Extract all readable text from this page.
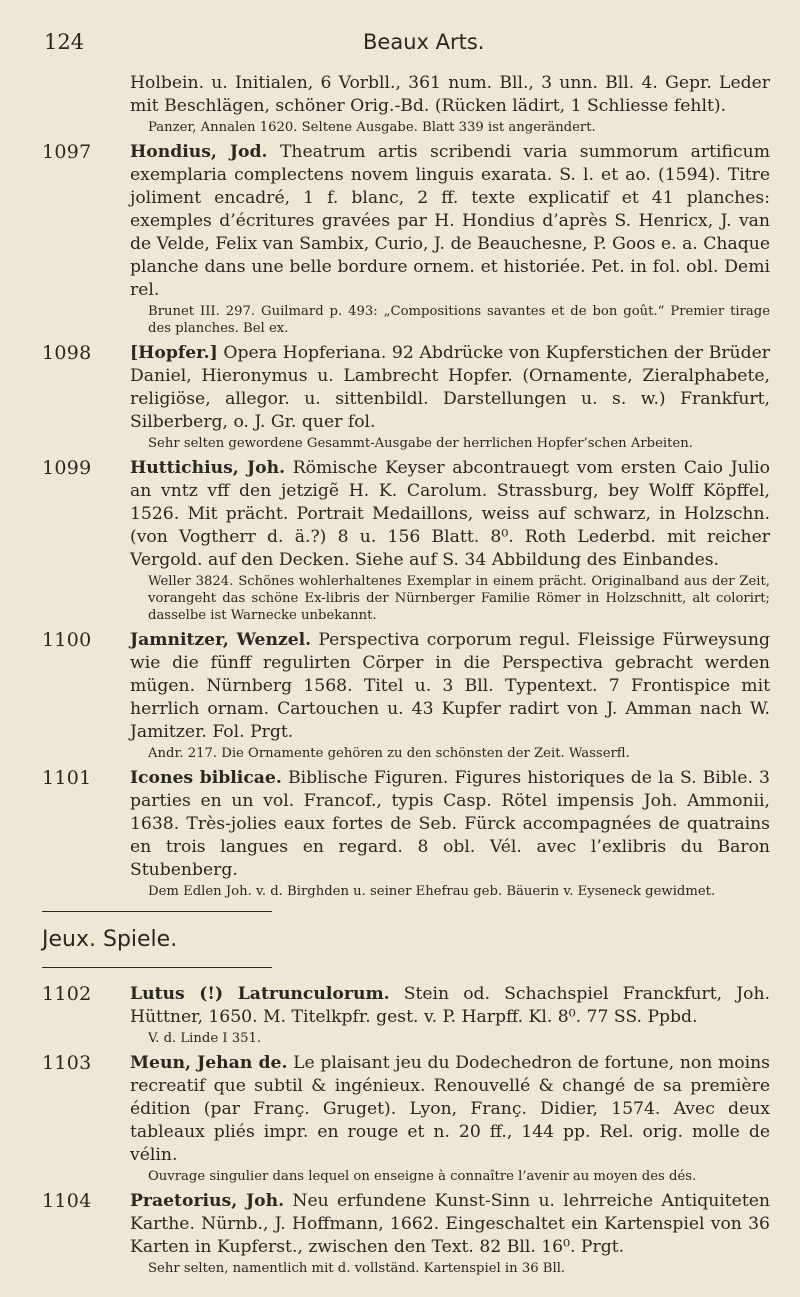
124	Beaux Arts.
Holbein. u. Initialen, 6 Vorbll., 361 num. Bll., 3 unn. Bll. 4. Gepr. Leder mit Beschlägen, schöner Orig.-Bd. (Rücken lädirt, 1 Schliesse fehlt).
Panzer, Annalen 1620. Seltene Ausgabe. Blatt 339 ist angerändert.
1097 Hondius, Jod. Theatrum artis scribendi varia summorum artificum exemplaria complectens novem linguis exarata. S. l. et ao. (1594). Titre joliment encadré, 1 f. blanc, 2 ff. texte explicatif et 41 planches: exemples d’écritures gravées par H. Hondius d’après S. Henricx, J. van de Velde, Felix van Sambix, Curio, J. de Beauchesne, P. Goos e. a. Chaque planche dans une belle bordure ornem. et historiée. Pet. in fol. obl. Demi rel.
Brunet III. 297. Guilmard p. 493: „Compositions savantes et de bon goût.“ Premier tirage des planches. Bel ex.
1098 [Hopfer.] Opera Hopferiana. 92 Abdrücke von Kupferstichen der Brüder Daniel, Hieronymus u. Lambrecht Hopfer. (Ornamente, Zieralphabete, religiöse, allegor. u. sittenbildl. Darstellungen u. s. w.) Frankfurt, Silberberg, o. J. Gr. quer fol.
Sehr selten gewordene Gesammt-Ausgabe der herrlichen Hopfer’schen Arbeiten.
1099 Huttichius, Joh. Römische Keyser abcontrauegt vom ersten Caio Julio an vntz vff den jetzigẽ H. K. Carolum. Strassburg, bey Wolff Köpffel, 1526. Mit prächt. Portrait Medaillons, weiss auf schwarz, in Holzschn. (von Vogtherr d. ä.?) 8 u. 156 Blatt. 8⁰. Roth Lederbd. mit reicher Vergold. auf den Decken. Siehe auf S. 34 Abbildung des Einbandes.
Weller 3824. Schönes wohlerhaltenes Exemplar in einem prächt. Originalband aus der Zeit, vorangeht das schöne Ex-libris der Nürnberger Familie Römer in Holzschnitt, alt colorirt; dasselbe ist Warnecke unbekannt.
1100 Jamnitzer, Wenzel. Perspectiva corporum regul. Fleissige Fürweysung wie die fünff regulirten Cörper in die Perspectiva gebracht werden mügen. Nürnberg 1568. Titel u. 3 Bll. Typentext. 7 Frontispice mit herrlich ornam. Cartouchen u. 43 Kupfer radirt von J. Amman nach W. Jamitzer. Fol. Prgt.
Andr. 217. Die Ornamente gehören zu den schönsten der Zeit. Wasserfl.
1101 Icones biblicae. Biblische Figuren. Figures historiques de la S. Bible. 3 parties en un vol. Francof., typis Casp. Rötel impensis Joh. Ammonii, 1638. Très-jolies eaux fortes de Seb. Fürck accompagnées de quatrains en trois langues en regard. 8 obl. Vél. avec l’exlibris du Baron Stubenberg.
Dem Edlen Joh. v. d. Birghden u. seiner Ehefrau geb. Bäuerin v. Eyseneck gewidmet.
1102 Lutus (!) Latrunculorum. Stein od. Schachspiel Franckfurt, Joh. Hüttner, 1650. M. Titelkpfr. gest. v. P. Harpff. Kl. 8⁰. 77 SS. Ppbd.
V. d. Linde I 351.
1103 Meun, Jehan de. Le plaisant jeu du Dodechedron de fortune, non moins recreatif que subtil & ingénieux. Renouvellé & changé de sa première édition (par Franç. Gruget). Lyon, Franç. Didier, 1574. Avec deux tableaux pliés impr. en rouge et n. 20 ff., 144 pp. Rel. orig. molle de vélin.
Ouvrage singulier dans lequel on enseigne à connaître l’avenir au moyen des dés.
1104 Praetorius, Joh. Neu erfundene Kunst-Sinn u. lehrreiche Antiquiteten Karthe. Nürnb., J. Hoffmann, 1662. Eingeschaltet ein Kartenspiel von 36 Karten in Kupferst., zwischen den Text. 82 Bll. 16⁰. Prgt.
Sehr selten, namentlich mit d. vollständ. Kartenspiel in 36 Bll.
Jeux. Spiele.
